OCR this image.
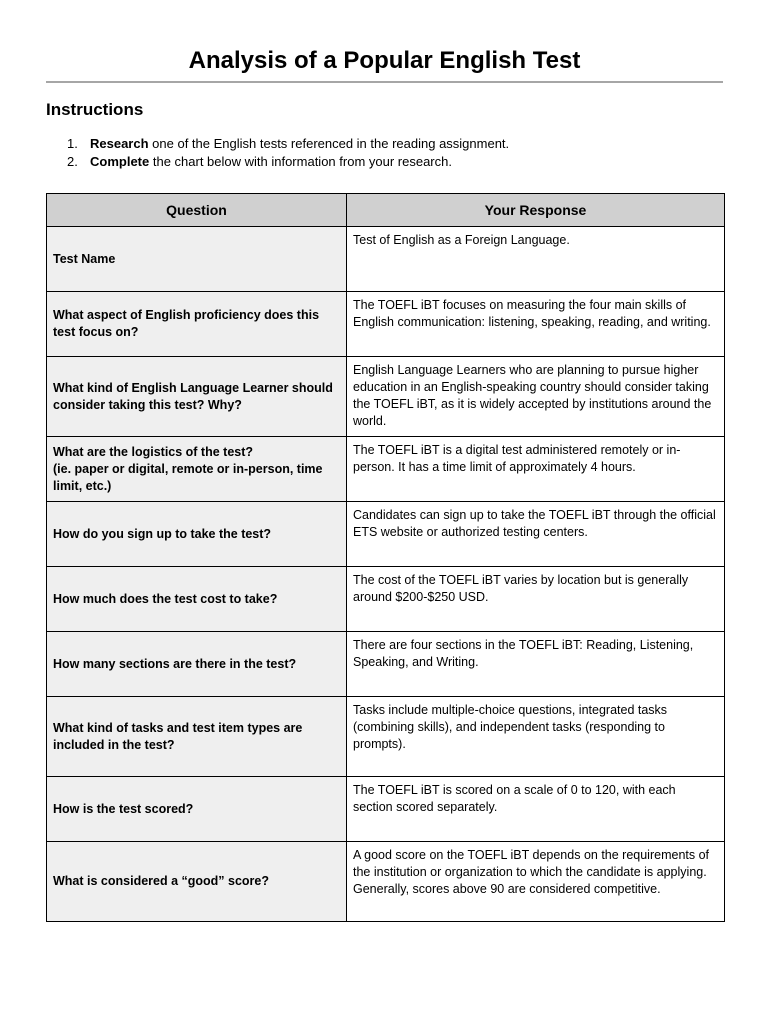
Analysis of a Popular English Test
Instructions
1. Research one of the English tests referenced in the reading assignment.
2. Complete the chart below with information from your research.
Question	Your Response
Test Name	Test of English as a Foreign Language.
What aspect of English proficiency does this test focus on?	The TOEFL iBT focuses on measuring the four main skills of English communication: listening, speaking, reading, and writing.
What kind of English Language Learner should consider taking this test? Why?	English Language Learners who are planning to pursue higher education in an English-speaking country should consider taking the TOEFL iBT, as it is widely accepted by institutions around the world.
What are the logistics of the test?
(ie. paper or digital, remote or in-person, time limit, etc.)	The TOEFL iBT is a digital test administered remotely or in-person. It has a time limit of approximately 4 hours.
How do you sign up to take the test?	Candidates can sign up to take the TOEFL iBT through the official ETS website or authorized testing centers.
How much does the test cost to take?	The cost of the TOEFL iBT varies by location but is generally around $200-$250 USD.
How many sections are there in the test?	There are four sections in the TOEFL iBT: Reading, Listening, Speaking, and Writing.
What kind of tasks and test item types are included in the test?	Tasks include multiple-choice questions, integrated tasks (combining skills), and independent tasks (responding to prompts).
How is the test scored?	The TOEFL iBT is scored on a scale of 0 to 120, with each section scored separately.
What is considered a “good” score?	A good score on the TOEFL iBT depends on the requirements of the institution or organization to which the candidate is applying. Generally, scores above 90 are considered competitive.
